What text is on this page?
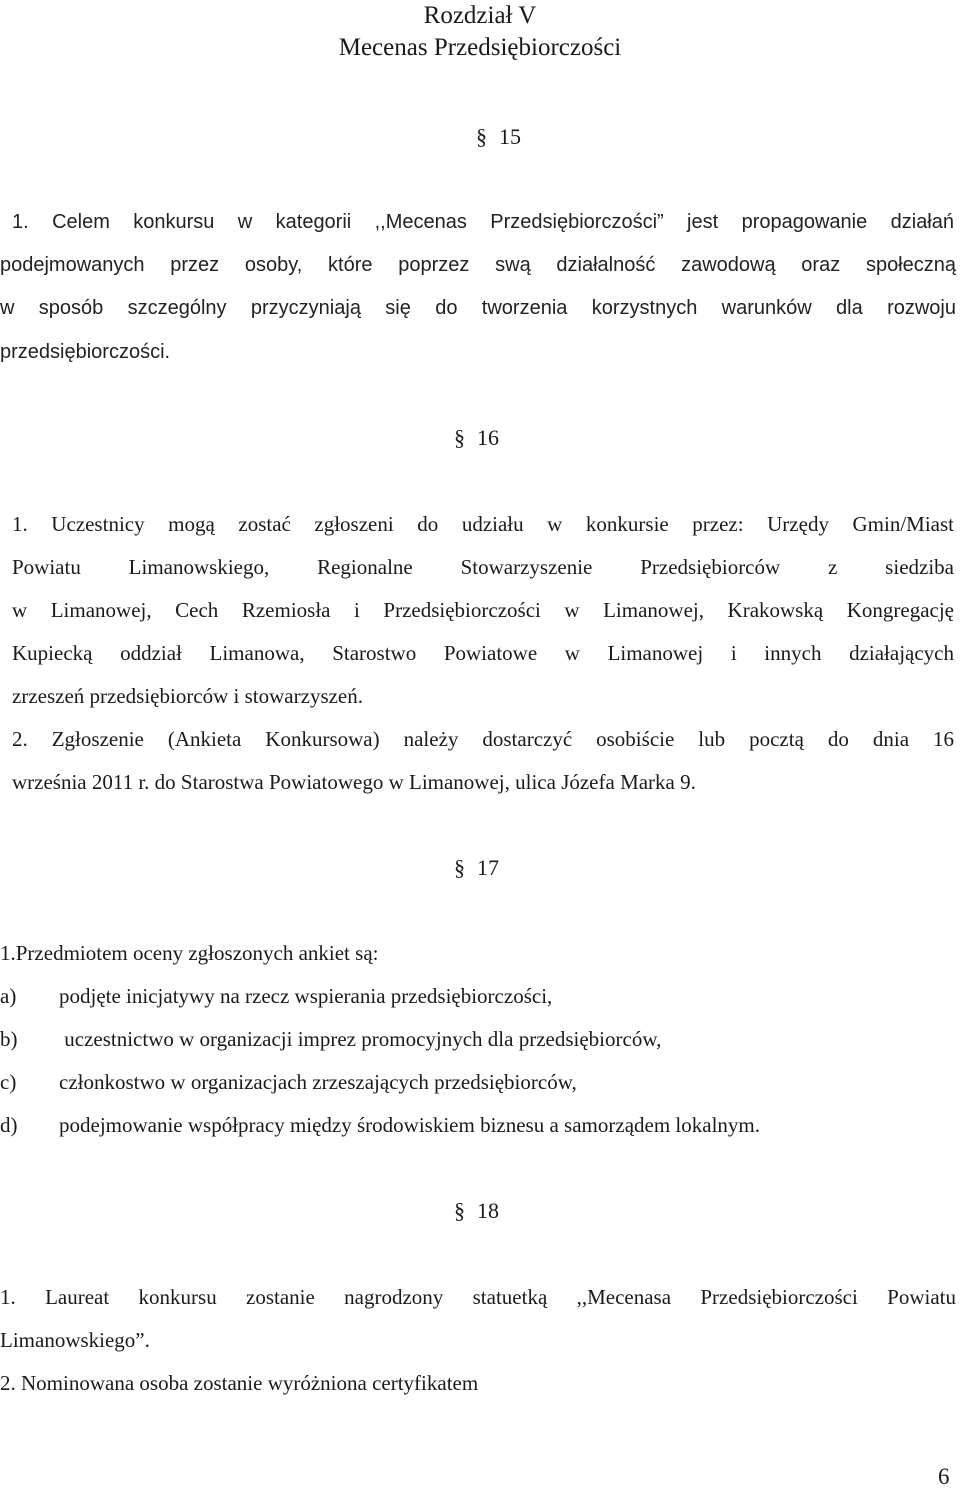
Rozdział V
Mecenas Przedsiębiorczości
§ 15
1. Celem konkursu w kategorii ,,Mecenas Przedsiębiorczości” jest propagowanie działań
podejmowanych przez osoby, które poprzez swą działalność zawodową oraz społeczną
w sposób szczególny przyczyniają się do tworzenia korzystnych warunków dla rozwoju
przedsiębiorczości.
§ 16
1. Uczestnicy mogą zostać zgłoszeni do udziału w konkursie przez: Urzędy Gmin/Miast
Powiatu Limanowskiego, Regionalne Stowarzyszenie Przedsiębiorców z siedziba
w Limanowej, Cech Rzemiosła i Przedsiębiorczości w Limanowej, Krakowską Kongregację
Kupiecką oddział Limanowa, Starostwo Powiatowe w Limanowej i innych działających
zrzeszeń przedsiębiorców i stowarzyszeń.
2. Zgłoszenie (Ankieta Konkursowa) należy dostarczyć osobiście lub pocztą do dnia 16
września 2011 r. do Starostwa Powiatowego w Limanowej, ulica Józefa Marka 9.
§ 17
1.Przedmiotem oceny zgłoszonych ankiet są:
a) podjęte inicjatywy na rzecz wspierania przedsiębiorczości,
b) uczestnictwo w organizacji imprez promocyjnych dla przedsiębiorców,
c) członkostwo w organizacjach zrzeszających przedsiębiorców,
d) podejmowanie współpracy między środowiskiem biznesu a samorządem lokalnym.
§ 18
1. Laureat konkursu zostanie nagrodzony statuetką ,,Mecenasa Przedsiębiorczości Powiatu
Limanowskiego”.
2. Nominowana osoba zostanie wyróżniona certyfikatem
6
